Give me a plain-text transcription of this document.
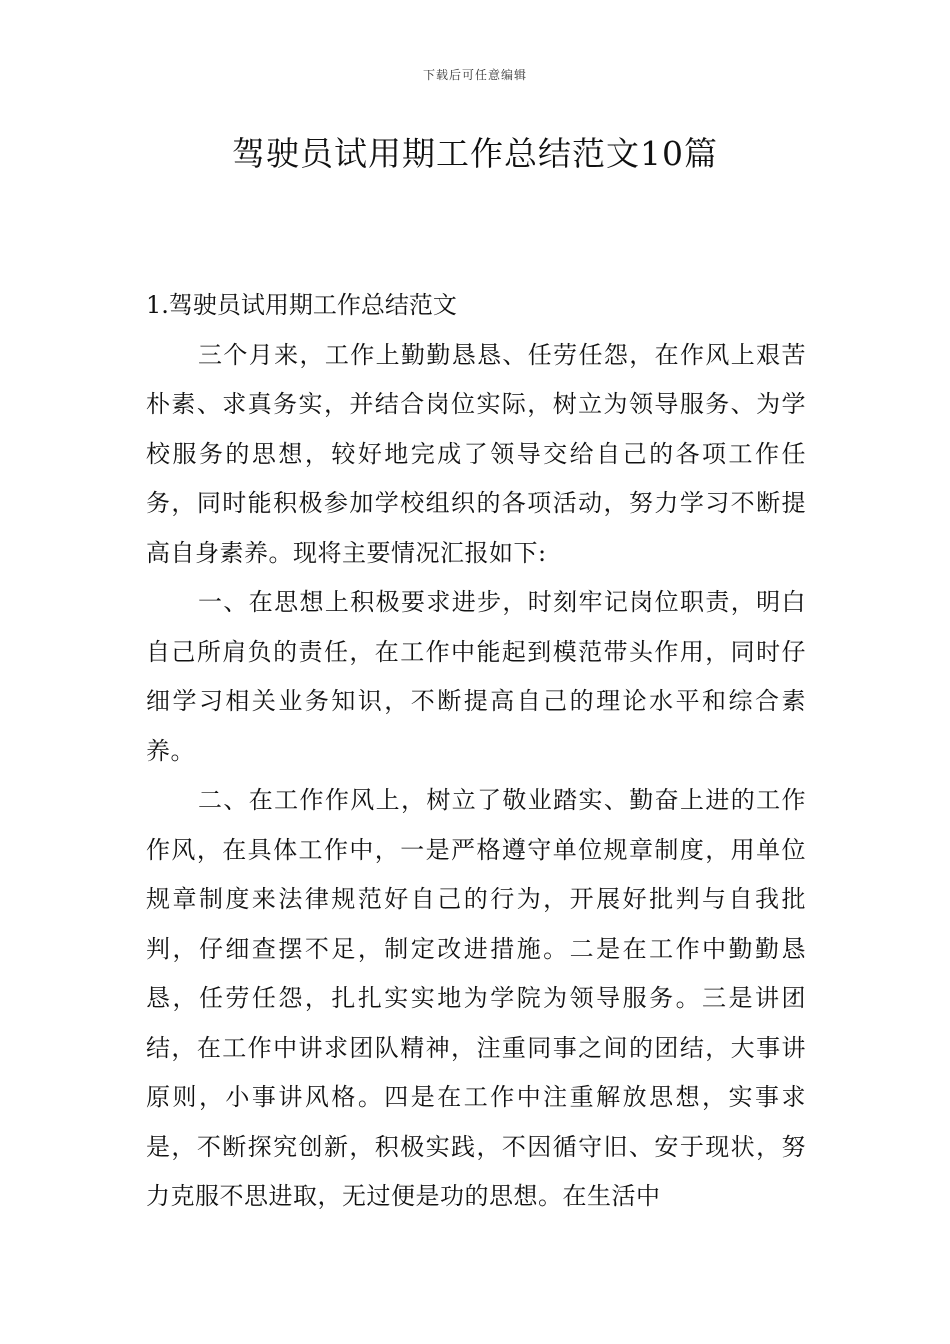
下载后可任意编辑
驾驶员试用期工作总结范文10篇
1.驾驶员试用期工作总结范文

三个月来，工作上勤勤恳恳、任劳任怨，在作风上艰苦朴素、求真务实，并结合岗位实际，树立为领导服务、为学校服务的思想，较好地完成了领导交给自己的各项工作任务，同时能积极参加学校组织的各项活动，努力学习不断提高自身素养。现将主要情况汇报如下:

一、在思想上积极要求进步，时刻牢记岗位职责，明白自己所肩负的责任，在工作中能起到模范带头作用，同时仔细学习相关业务知识，不断提高自己的理论水平和综合素养。

二、在工作作风上，树立了敬业踏实、勤奋上进的工作作风，在具体工作中，一是严格遵守单位规章制度，用单位规章制度来法律规范好自己的行为，开展好批判与自我批判，仔细查摆不足，制定改进措施。二是在工作中勤勤恳恳，任劳任怨，扎扎实实地为学院为领导服务。三是讲团结，在工作中讲求团队精神，注重同事之间的团结，大事讲原则，小事讲风格。四是在工作中注重解放思想，实事求是，不断探究创新，积极实践，不因循守旧、安于现状，努力克服不思进取，无过便是功的思想。在生活中
